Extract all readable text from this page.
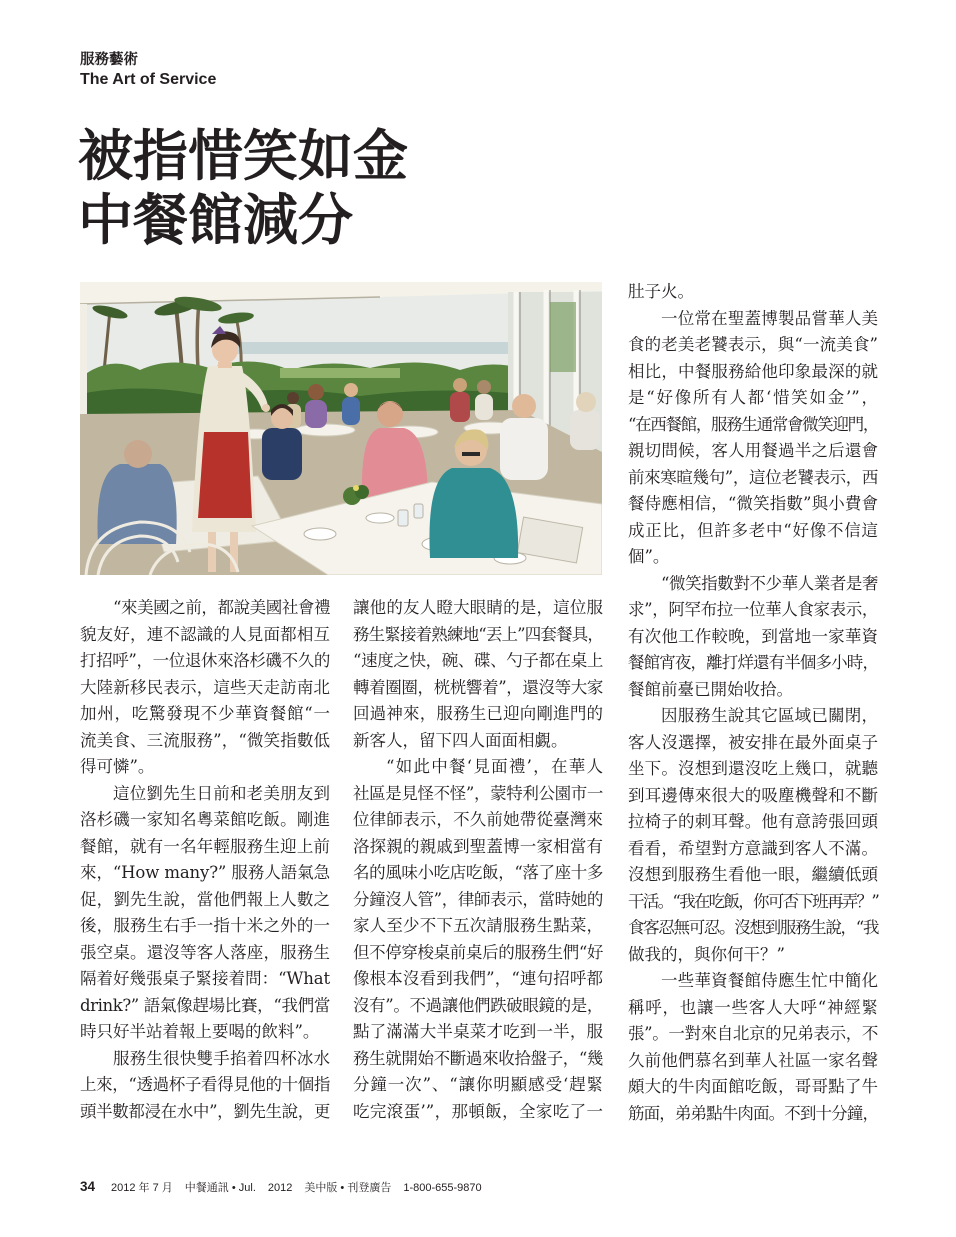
服務藝術
The Art of Service
被指惜笑如金
中餐館減分
“來美國之前，都說美國社會禮
貌友好，連不認識的人見面都相互
打招呼”，一位退休來洛杉磯不久的
大陸新移民表示，這些天走訪南北
加州，吃驚發現不少華資餐館“一
流美食、三流服務”，“微笑指數低
得可憐”。
這位劉先生日前和老美朋友到
洛杉磯一家知名粵菜館吃飯。剛進
餐館，就有一名年輕服務生迎上前
來，“How many?” 服務人語氣急
促，劉先生說，當他們報上人數之
後，服務生右手一指十米之外的一
張空桌。還沒等客人落座，服務生
隔着好幾張桌子緊接着問：“What
drink?” 語氣像趕場比賽，“我們當
時只好半站着報上要喝的飲料”。
服務生很快雙手掐着四杯冰水
上來，“透過杯子看得見他的十個指
頭半數都浸在水中”，劉先生說，更
讓他的友人瞪大眼睛的是，這位服
務生緊接着熟練地“丟上”四套餐具，
“速度之快，碗、碟、勺子都在桌上
轉着圈圈，桄桄響着”，還沒等大家
回過神來，服務生已迎向剛進門的
新客人，留下四人面面相覷。
“如此中餐‘見面禮’，在華人
社區是見怪不怪”，蒙特利公園市一
位律師表示，不久前她帶從臺灣來
洛探親的親戚到聖蓋博一家相當有
名的風味小吃店吃飯，“落了座十多
分鐘沒人管”，律師表示，當時她的
家人至少不下五次請服務生點菜，
但不停穿梭桌前桌后的服務生們“好
像根本沒看到我們”，“連句招呼都
沒有”。不過讓他們跌破眼鏡的是，
點了滿滿大半桌菜才吃到一半，服
務生就開始不斷過來收拾盤子，“幾
分鐘一次”、“讓你明顯感受‘趕緊
吃完滾蛋’”，那頓飯，全家吃了一
肚子火。
一位常在聖蓋博製品嘗華人美
食的老美老饕表示，與“一流美食”
相比，中餐服務給他印象最深的就
是“好像所有人都‘惜笑如金’”，
“在西餐館，服務生通常會微笑迎門，
親切問候，客人用餐過半之后還會
前來寒暄幾句”，這位老饕表示，西
餐侍應相信，“微笑指數”與小費會
成正比，但許多老中“好像不信這
個”。
“微笑指數對不少華人業者是奢
求”，阿罕布拉一位華人食家表示，
有次他工作較晚，到當地一家華資
餐館宵夜，離打烊還有半個多小時，
餐館前臺已開始收拾。
因服務生說其它區域已關閉，
客人沒選擇，被安排在最外面桌子
坐下。沒想到還沒吃上幾口，就聽
到耳邊傳來很大的吸塵機聲和不斷
拉椅子的刺耳聲。他有意誇張回頭
看看，希望對方意識到客人不滿。
沒想到服務生看他一眼，繼續低頭
干活。“我在吃飯，你可否下班再弄？”
食客忍無可忍。沒想到服務生說，“我
做我的，與你何干？”
一些華資餐館侍應生忙中簡化
稱呼，也讓一些客人大呼“神經緊
張”。一對來自北京的兄弟表示，不
久前他們慕名到華人社區一家名聲
頗大的牛肉面館吃飯，哥哥點了牛
筋面，弟弟點牛肉面。不到十分鐘，
34 2012 年 7 月 中餐通訊 • Jul. 2012 美中版 • 刊登廣告 1-800-655-9870
